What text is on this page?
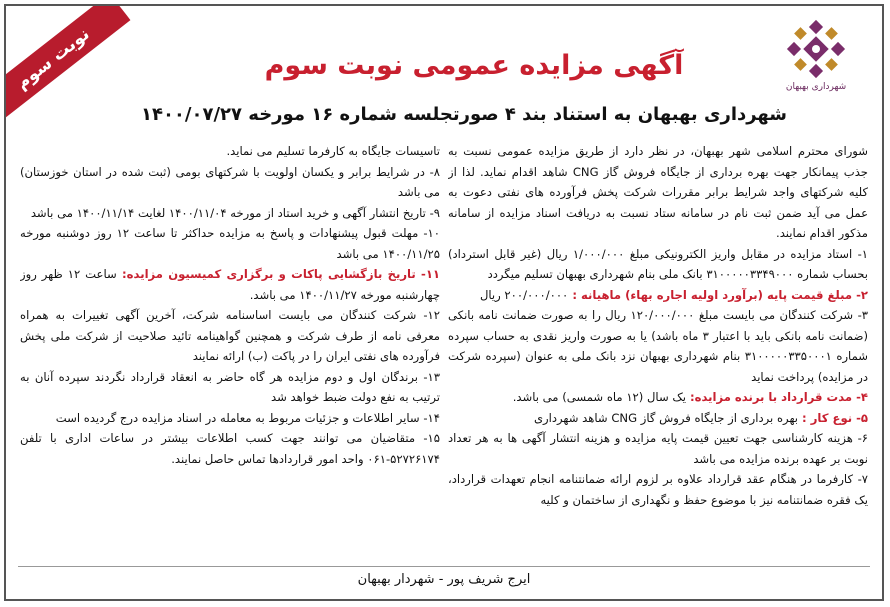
نوبت سوم	شهرداری بهبهان
آگهی مزایده عمومی نوبت سوم
شهرداری بهبهان به استناد بند ۴ صورتجلسه شماره ۱۶ مورخه ۱۴۰۰/۰۷/۲۷

شورای محترم اسلامی شهر بهبهان، در نظر دارد از طریق مزایده عمومی نسبت به جذب پیمانکار جهت بهره برداری از جایگاه فروش گاز CNG شاهد اقدام نماید. لذا از کلیه شرکتهای واجد شرایط برابر مقررات شرکت پخش فرآورده های نفتی دعوت به عمل می آید ضمن ثبت نام در سامانه ستاد نسبت به دریافت اسناد مزایده از سامانه مذکور اقدام نمایند.

۱- استاد مزایده در مقابل واریز الکترونیکی مبلغ ۱/۰۰۰/۰۰۰ ریال (غیر قابل استرداد) بحساب شماره ۳۱۰۰۰۰۰۳۳۴۹۰۰۰ بانک ملی بنام شهرداری بهبهان تسلیم میگردد

۲- مبلغ قیمت پایه (برآورد اولیه اجاره بهاء) ماهیانه : ۲۰۰/۰۰۰/۰۰۰ ریال

۳- شرکت کنندگان می بایست مبلغ ۱۲۰/۰۰۰/۰۰۰ ریال را به صورت ضمانت نامه بانکی (ضمانت نامه بانکی باید با اعتبار ۳ ماه باشد) یا به صورت واریز نقدی به حساب سپرده شماره ۳۱۰۰۰۰۰۳۳۵۰۰۰۱ بنام شهرداری بهبهان نزد بانک ملی به عنوان (سپرده شرکت در مزایده) پرداخت نماید

۴- مدت قرارداد با برنده مزایده: یک سال (۱۲ ماه شمسی) می باشد.

۵- نوع کار : بهره برداری از جایگاه فروش گاز CNG شاهد شهرداری

۶- هزینه کارشناسی جهت تعیین قیمت پایه مزایده و هزینه انتشار آگهی ها به هر تعداد نوبت بر عهده برنده مزایده می باشد

۷- کارفرما در هنگام عقد قرارداد علاوه بر لزوم ارائه ضمانتنامه انجام تعهدات قرارداد، یک فقره ضمانتنامه نیز با موضوع حفظ و نگهداری از ساختمان و کلیه

تاسیسات جایگاه به کارفرما تسلیم می نماید.

۸- در شرایط برابر و یکسان اولویت با شرکتهای بومی (ثبت شده در استان خوزستان) می باشد

۹- تاریخ انتشار آگهی و خرید استاد از مورخه ۱۴۰۰/۱۱/۰۴ لغایت ۱۴۰۰/۱۱/۱۴ می باشد

۱۰- مهلت قبول پیشنهادات و پاسخ به مزایده حداکثر تا ساعت ۱۲ روز دوشنبه مورخه ۱۴۰۰/۱۱/۲۵ می باشد

۱۱- تاریخ بازگشایی پاکات و برگزاری کمیسیون مزایده: ساعت ۱۲ ظهر روز چهارشنبه مورخه ۱۴۰۰/۱۱/۲۷ می باشد.

۱۲- شرکت کنندگان می بایست اساسنامه شرکت، آخرین آگهی تغییرات به همراه معرفی نامه از طرف شرکت و همچنین گواهینامه تائید صلاحیت از شرکت ملی پخش فرآورده های نفتی ایران را در پاکت (ب) ارائه نمایند

۱۳- برندگان اول و دوم مزایده هر گاه حاضر به انعقاد قرارداد نگردند سپرده آنان به ترتیب به نفع دولت ضبط خواهد شد

۱۴- سایر اطلاعات و جزئیات مربوط به معامله در اسناد مزایده درج گردیده است

۱۵- متقاضیان می توانند جهت کسب اطلاعات بیشتر در ساعات اداری با تلفن ۵۲۷۲۶۱۷۴-۰۶۱ واحد امور قراردادها تماس حاصل نمایند.

ایرج شریف پور - شهردار بهبهان
